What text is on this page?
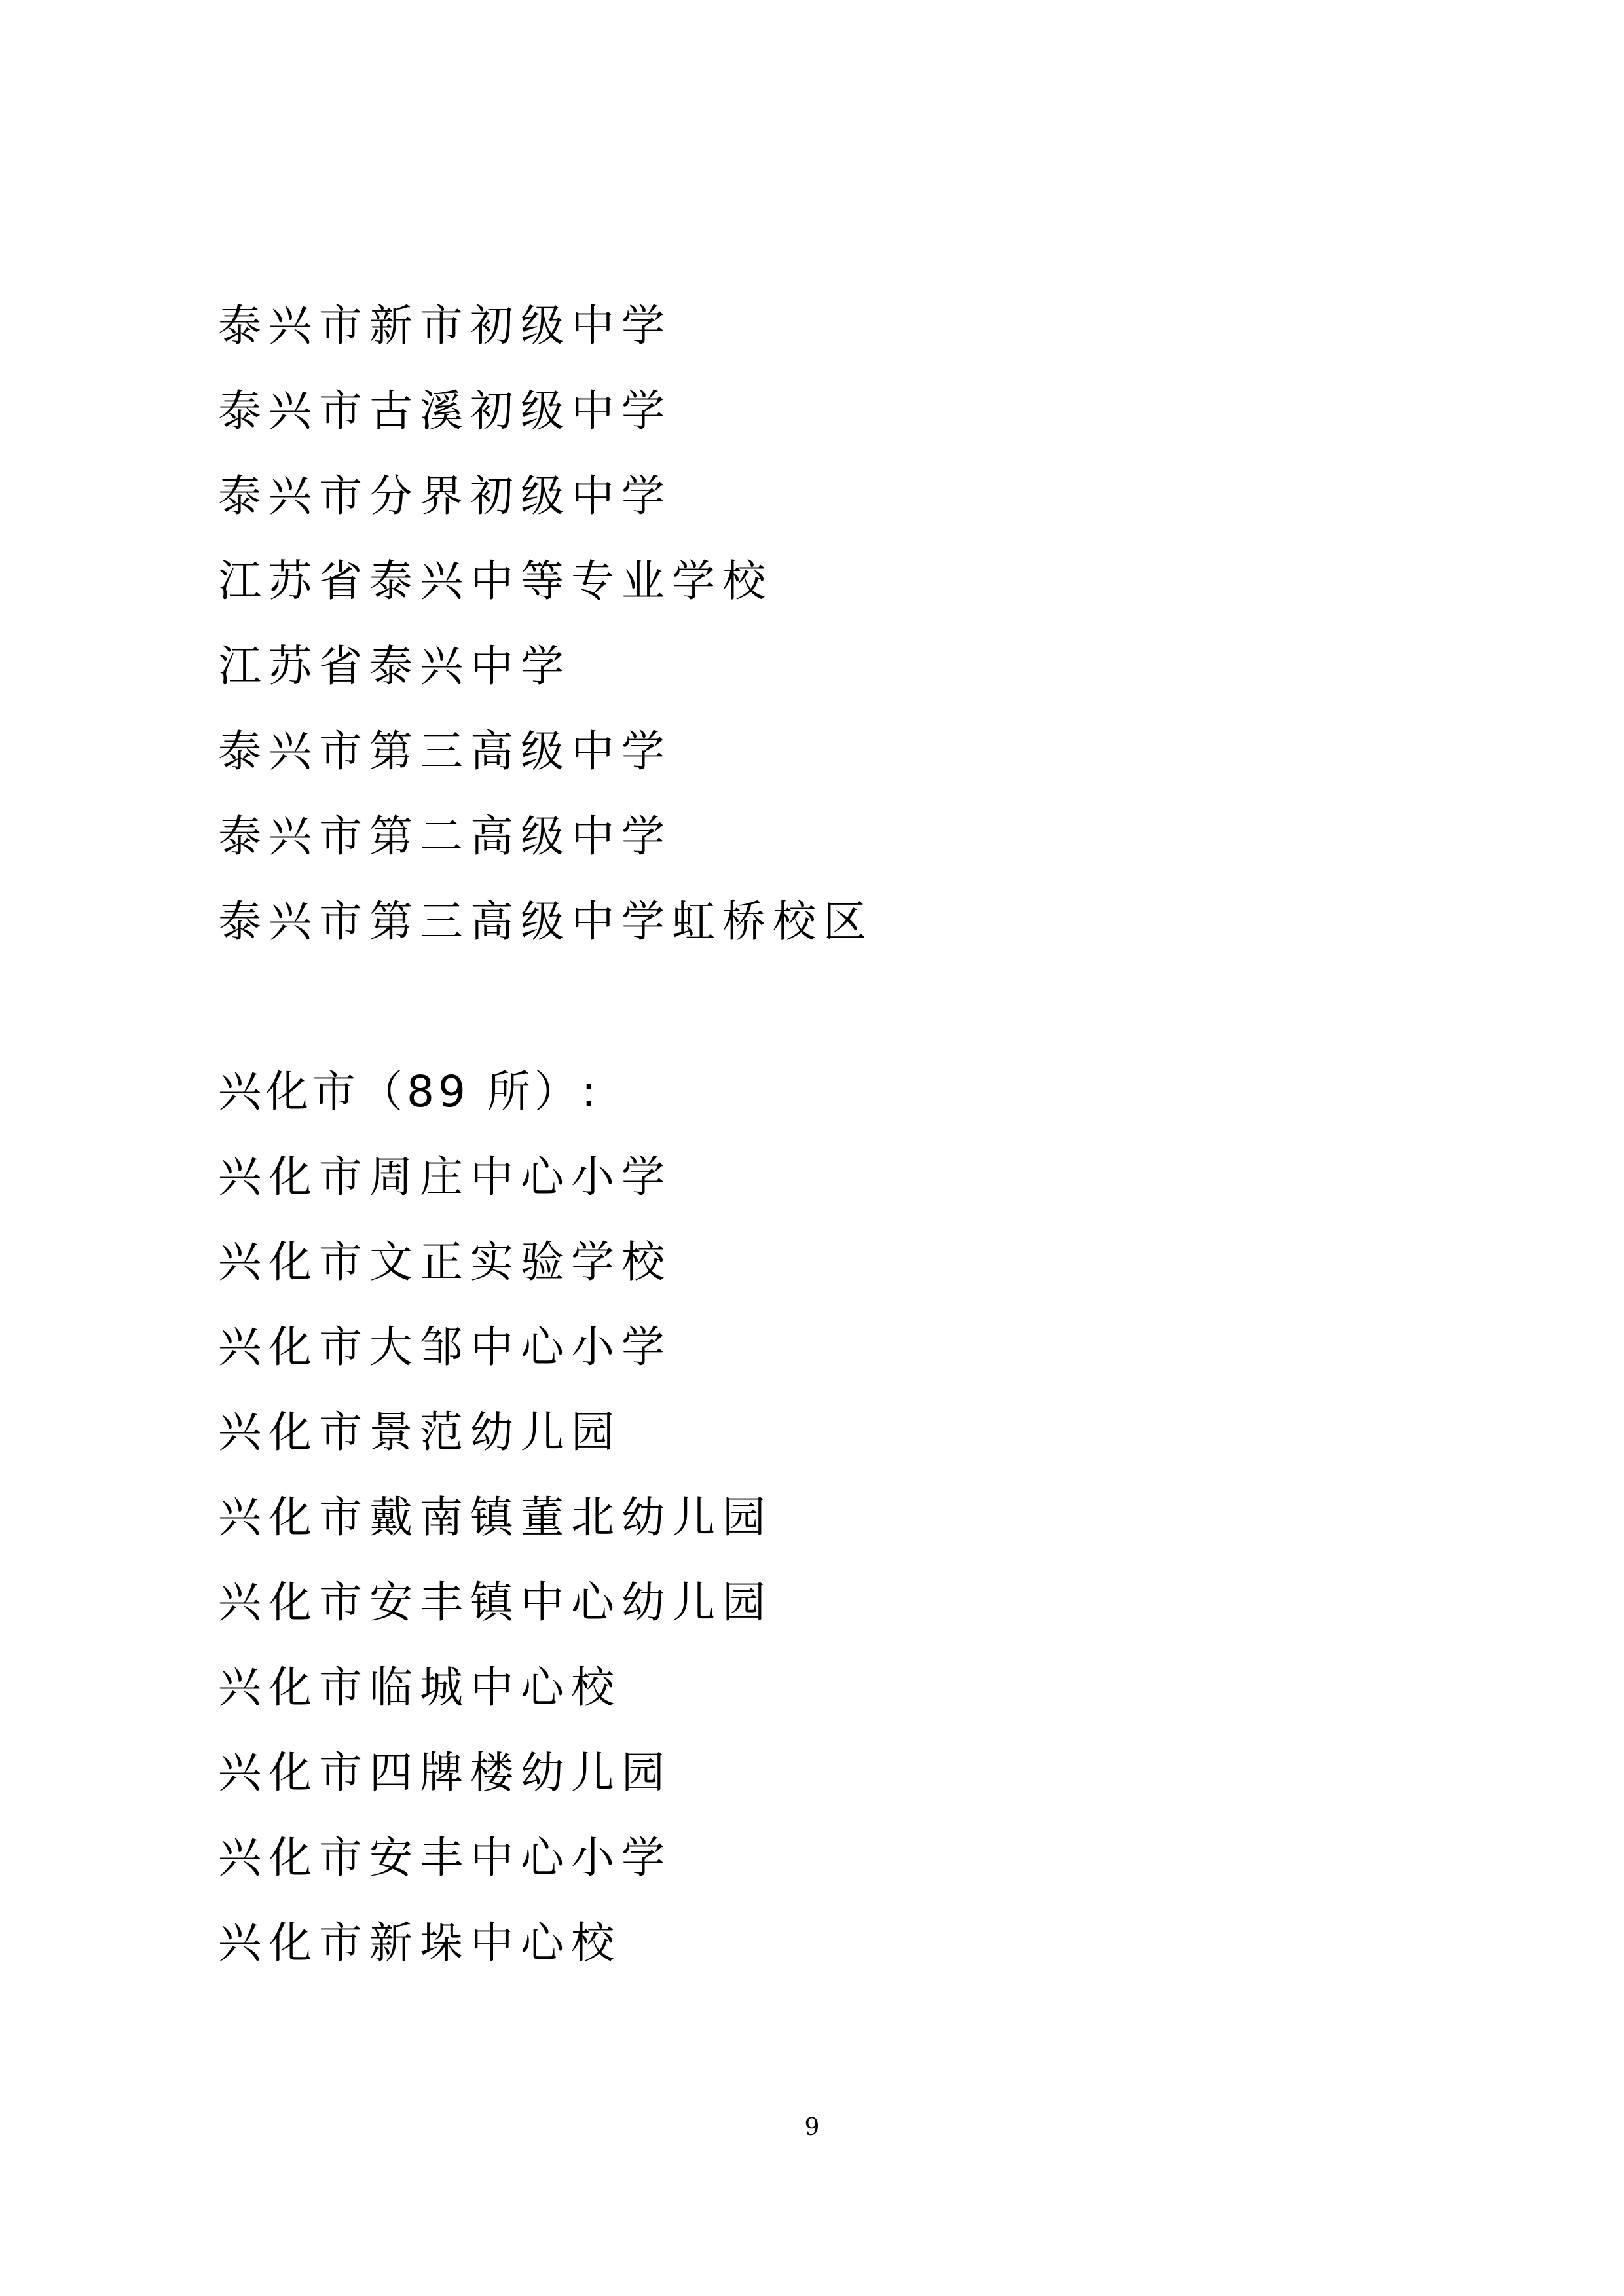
泰兴市新市初级中学
泰兴市古溪初级中学
泰兴市分界初级中学
江苏省泰兴中等专业学校
江苏省泰兴中学
泰兴市第三高级中学
泰兴市第二高级中学
泰兴市第三高级中学虹桥校区
兴化市（89 所）:
兴化市周庄中心小学
兴化市文正实验学校
兴化市大邹中心小学
兴化市景范幼儿园
兴化市戴南镇董北幼儿园
兴化市安丰镇中心幼儿园
兴化市临城中心校
兴化市四牌楼幼儿园
兴化市安丰中心小学
兴化市新垛中心校
9
